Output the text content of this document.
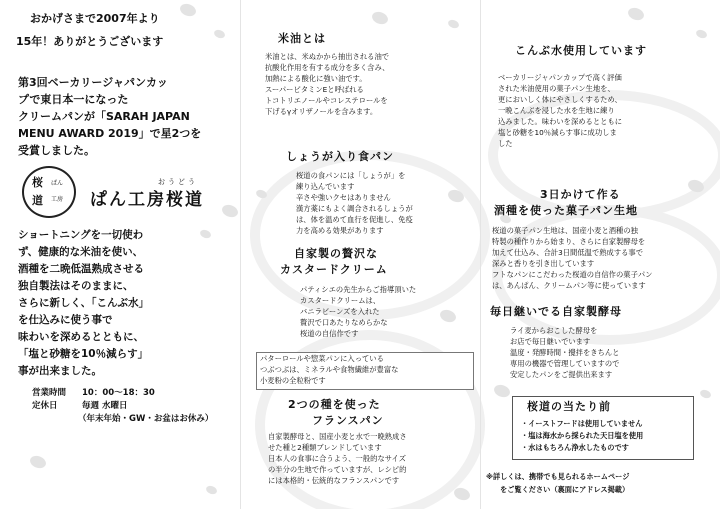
おかげさまで2007年より
15年！ありがとうございます
第3回ベーカリージャパンカッ
プで東日本一になった
クリームパンが「SARAH JAPAN
MENU AWARD 2019」で星2つを
受賞しました。
桜
道
ぱん
工房
おうどう
ぱん工房桜道
ショートニングを一切使わ
ず、健康的な米油を使い、
酒種を二晩低温熟成させる
独自製法はそのままに、
さらに新しく、「こんぶ水」
を仕込みに使う事で
味わいを深めるとともに、
「塩と砂糖を10％減らす」
事が出来ました。
営業時間 10：00〜18：30
定休日	毎週 水曜日
（年末年始・GW・お盆はお休み）
米油とは
米油とは、米ぬかから抽出される油で
抗酸化作用を有する成分を多く含み、
加熱による酸化に強い油です。
スーパービタミンEと呼ばれる
トコトリエノールやコレステロールを
下げるγオリザノールを含みます。
しょうが入り食パン
桜道の食パンには「しょうが」を
練り込んでいます
辛さや強いクセはありません
漢方薬にもよく調合されるしょうが
は、体を温めて血行を促進し、免疫
力を高める効果があります
自家製の贅沢な
カスタードクリーム
パティシエの先生からご指導頂いた
カスタードクリームは、
バニラビーンズを入れた
贅沢で口あたりなめらかな
桜道の自信作です
パターロールや惣菜パンに入っている
つぶつぶは、ミネラルや食物繊維が豊富な
小麦粉の全粒粉です
2つの種を使った
フランスパン
自家製酵母と、国産小麦と水で一晩熟成さ
せた種と2種類ブレンドしています
日本人の食事に合うよう、一般的なサイズ
の半分の生地で作っていますが、レシピ的
には本格的・伝統的なフランスパンです
こんぶ水使用しています
ベーカリージャパンカップで高く評価
された米油使用の菓子パン生地を、
更においしく体にやさしくするため、
一晩こんぶを浸した水を生地に練り
込みました。味わいを深めるとともに
塩と砂糖を10％減らす事に成功しま
した
3日かけて作る
酒種を使った菓子パン生地
桜道の菓子パン生地は、国産小麦と酒種の独
特製の種作りから始まり、さらに自家製酵母を
加えて仕込み、合計3日間低温で熟成する事で
深みと香りを引き出しています
フトなパンにこだわった桜道の自信作の菓子パン
は、あんぱん、クリームパン等に使っています
毎日継いでる自家製酵母
ライ麦からおこした酵母を
お店で毎日継いでいます
温度・発酵時間・攪拌をきちんと
専用の機器で管理していますので
安定したパンをご提供出来ます
桜道の当たり前
・イーストフードは使用していません
・塩は海水から採られた天日塩を使用
・水はもちろん浄水したものです
※詳しくは、携帯でも見られるホームページ
をご覧ください（裏面にアドレス掲載）
